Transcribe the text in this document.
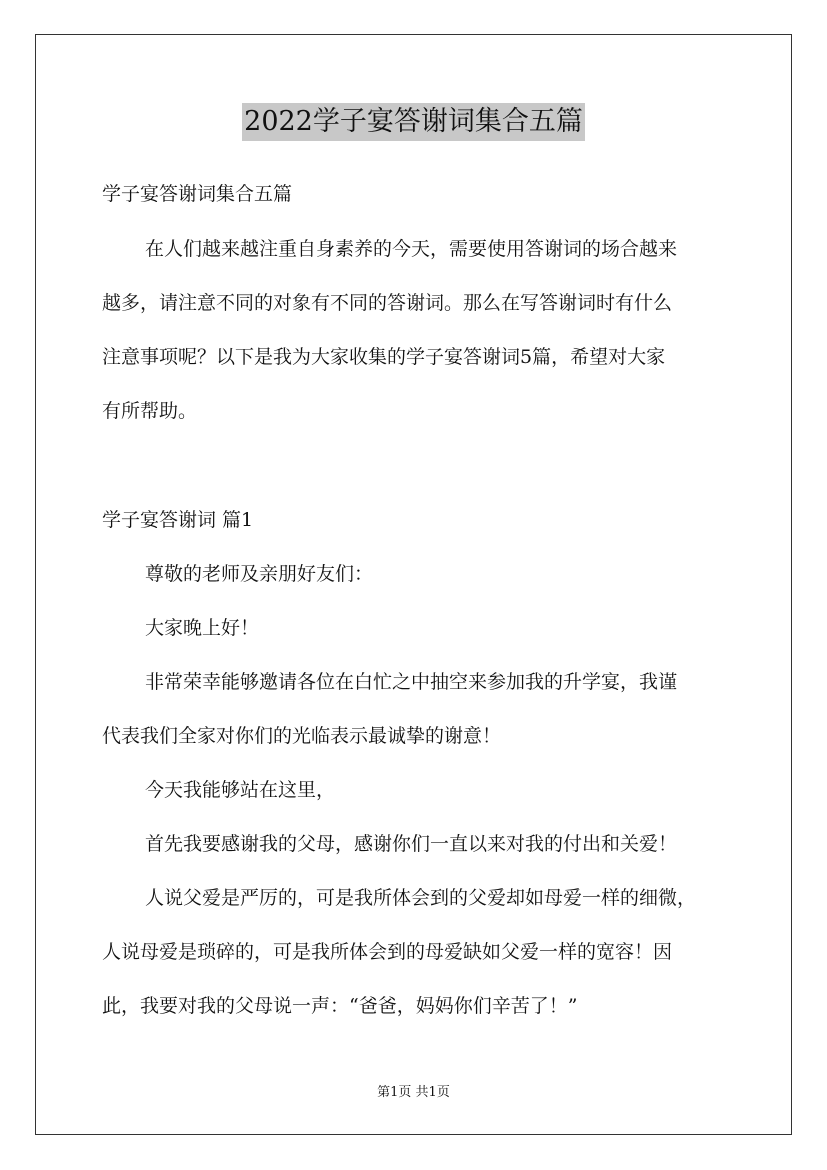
2022学子宴答谢词集合五篇
学子宴答谢词集合五篇
在人们越来越注重自身素养的今天，需要使用答谢词的场合越来
越多，请注意不同的对象有不同的答谢词。那么在写答谢词时有什么
注意事项呢？以下是我为大家收集的学子宴答谢词5篇，希望对大家
有所帮助。
学子宴答谢词 篇1
尊敬的老师及亲朋好友们：
大家晚上好！
非常荣幸能够邀请各位在白忙之中抽空来参加我的升学宴，我谨
代表我们全家对你们的光临表示最诚挚的谢意！
今天我能够站在这里，
首先我要感谢我的父母，感谢你们一直以来对我的付出和关爱！
人说父爱是严厉的，可是我所体会到的父爱却如母爱一样的细微，
人说母爱是琐碎的，可是我所体会到的母爱缺如父爱一样的宽容！因
此，我要对我的父母说一声：“爸爸，妈妈你们辛苦了！”
第1页 共1页
